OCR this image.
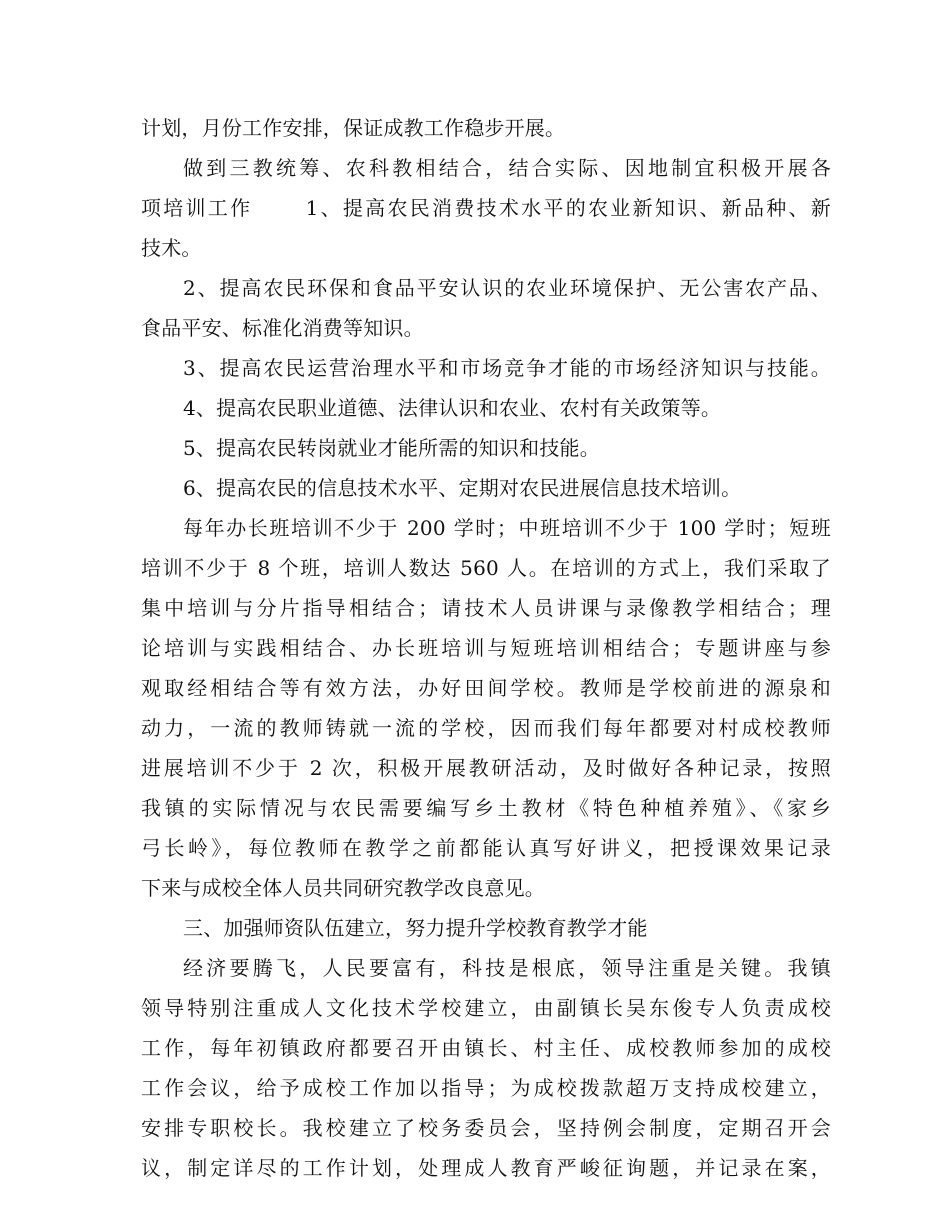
计划，月份工作安排，保证成教工作稳步开展。
做到三教统筹、农科教相结合，结合实际、因地制宜积极开展各
项培训工作　　 1、提高农民消费技术水平的农业新知识、新品种、新
技术。
2、提高农民环保和食品平安认识的农业环境保护、无公害农产品、
食品平安、标准化消费等知识。
3、提高农民运营治理水平和市场竞争才能的市场经济知识与技能。
4、提高农民职业道德、法律认识和农业、农村有关政策等。
5、提高农民转岗就业才能所需的知识和技能。
6、提高农民的信息技术水平、定期对农民进展信息技术培训。
每年办长班培训不少于 200 学时；中班培训不少于 100 学时；短班
培训不少于 8 个班，培训人数达 560 人。在培训的方式上，我们采取了
集中培训与分片指导相结合；请技术人员讲课与录像教学相结合；理
论培训与实践相结合、办长班培训与短班培训相结合；专题讲座与参
观取经相结合等有效方法，办好田间学校。教师是学校前进的源泉和
动力，一流的教师铸就一流的学校，因而我们每年都要对村成校教师
进展培训不少于 2 次，积极开展教研活动，及时做好各种记录，按照
我镇的实际情况与农民需要编写乡土教材《特色种植养殖》、《家乡
弓长岭》，每位教师在教学之前都能认真写好讲义，把授课效果记录
下来与成校全体人员共同研究教学改良意见。
三、加强师资队伍建立，努力提升学校教育教学才能
经济要腾飞，人民要富有，科技是根底，领导注重是关键。我镇
领导特别注重成人文化技术学校建立，由副镇长吴东俊专人负责成校
工作，每年初镇政府都要召开由镇长、村主任、成校教师参加的成校
工作会议，给予成校工作加以指导；为成校拨款超万支持成校建立，
安排专职校长。我校建立了校务委员会，坚持例会制度，定期召开会
议，制定详尽的工作计划，处理成人教育严峻征询题，并记录在案，
